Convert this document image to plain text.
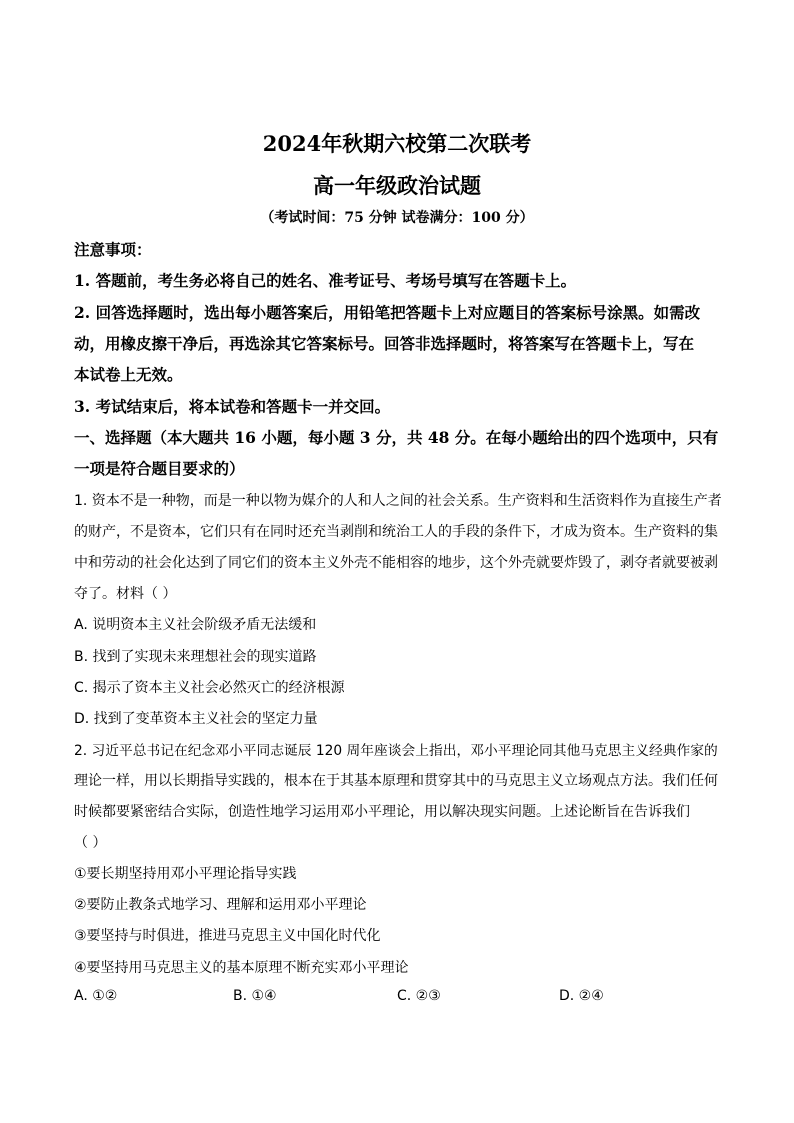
2024年秋期六校第二次联考
高一年级政治试题
（考试时间：75 分钟 试卷满分：100 分）
注意事项：
1. 答题前，考生务必将自己的姓名、准考证号、考场号填写在答题卡上。
2. 回答选择题时，选出每小题答案后，用铅笔把答题卡上对应题目的答案标号涂黑。如需改
动，用橡皮擦干净后，再选涂其它答案标号。回答非选择题时，将答案写在答题卡上，写在
本试卷上无效。
3. 考试结束后，将本试卷和答题卡一并交回。
一、选择题（本大题共 16 小题，每小题 3 分，共 48 分。在每小题给出的四个选项中，只有
一项是符合题目要求的）
1. 资本不是一种物，而是一种以物为媒介的人和人之间的社会关系。生产资料和生活资料作为直接生产者
的财产，不是资本，它们只有在同时还充当剥削和统治工人的手段的条件下，才成为资本。生产资料的集
中和劳动的社会化达到了同它们的资本主义外壳不能相容的地步，这个外壳就要炸毁了，剥夺者就要被剥
夺了。材料（ ）
A. 说明资本主义社会阶级矛盾无法缓和
B. 找到了实现未来理想社会的现实道路
C. 揭示了资本主义社会必然灭亡的经济根源
D. 找到了变革资本主义社会的坚定力量
2. 习近平总书记在纪念邓小平同志诞辰 120 周年座谈会上指出，邓小平理论同其他马克思主义经典作家的
理论一样，用以长期指导实践的，根本在于其基本原理和贯穿其中的马克思主义立场观点方法。我们任何
时候都要紧密结合实际，创造性地学习运用邓小平理论，用以解决现实问题。上述论断旨在告诉我们
（ ）
①要长期坚持用邓小平理论指导实践
②要防止教条式地学习、理解和运用邓小平理论
③要坚持与时俱进，推进马克思主义中国化时代化
④要坚持用马克思主义的基本原理不断充实邓小平理论
A. ①②	B. ①④	C. ②③	D. ②④
